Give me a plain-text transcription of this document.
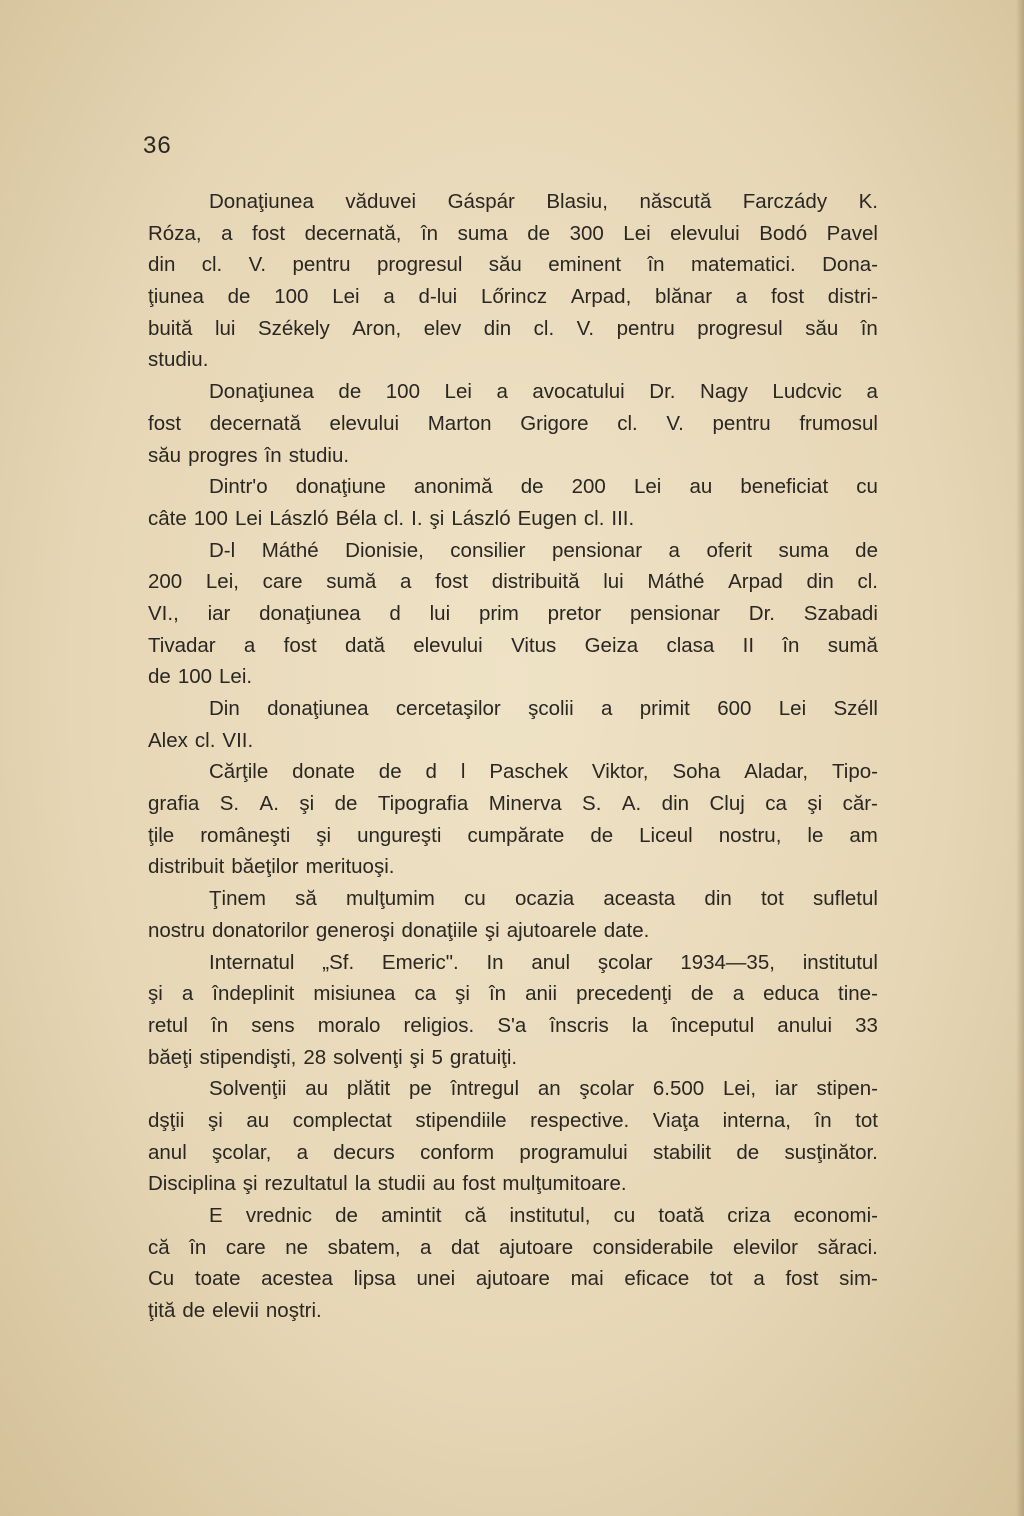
36
Donaţiunea văduvei Gáspár Blasiu, născută Farczády K.
Róza, a fost decernată, în suma de 300 Lei elevului Bodó Pavel
din cl. V. pentru progresul său eminent în matematici. Dona-
ţiunea de 100 Lei a d-lui Lőrincz Arpad, blănar a fost distri-
buită lui Székely Aron, elev din cl. V. pentru progresul său în
studiu.
Donaţiunea de 100 Lei a avocatului Dr. Nagy Ludcvic a
fost decernată elevului Marton Grigore cl. V. pentru frumosul
său progres în studiu.
Dintr'o donaţiune anonimă de 200 Lei au beneficiat cu
câte 100 Lei László Béla cl. I. şi László Eugen cl. III.
D-l Máthé Dionisie, consilier pensionar a oferit suma de
200 Lei, care sumă a fost distribuită lui Máthé Arpad din cl.
VI., iar donaţiunea d lui prim pretor pensionar Dr. Szabadi
Tivadar a fost dată elevului Vitus Geiza clasa II în sumă
de 100 Lei.
Din donaţiunea cercetaşilor şcolii a primit 600 Lei Széll
Alex cl. VII.
Cărţile donate de d l Paschek Viktor, Soha Aladar, Tipo-
grafia S. A. şi de Tipografia Minerva S. A. din Cluj ca şi căr-
ţile româneşti şi ungureşti cumpărate de Liceul nostru, le am
distribuit băeţilor merituoşi.
Ţinem să mulţumim cu ocazia aceasta din tot sufletul
nostru donatorilor generoşi donaţiile şi ajutoarele date.
Internatul „Sf. Emeric". In anul şcolar 1934—35, institutul
şi a îndeplinit misiunea ca şi în anii precedenţi de a educa tine-
retul în sens moralo religios. S'a înscris la începutul anului 33
băeţi stipendişti, 28 solvenţi şi 5 gratuiţi.
Solvenţii au plătit pe întregul an şcolar 6.500 Lei, iar stipen-
dşţii şi au complectat stipendiile respective. Viaţa interna, în tot
anul şcolar, a decurs conform programului stabilit de susţinător.
Disciplina şi rezultatul la studii au fost mulţumitoare.
E vrednic de amintit că institutul, cu toată criza economi-
că în care ne sbatem, a dat ajutoare considerabile elevilor săraci.
Cu toate acestea lipsa unei ajutoare mai eficace tot a fost sim-
ţită de elevii noştri.
